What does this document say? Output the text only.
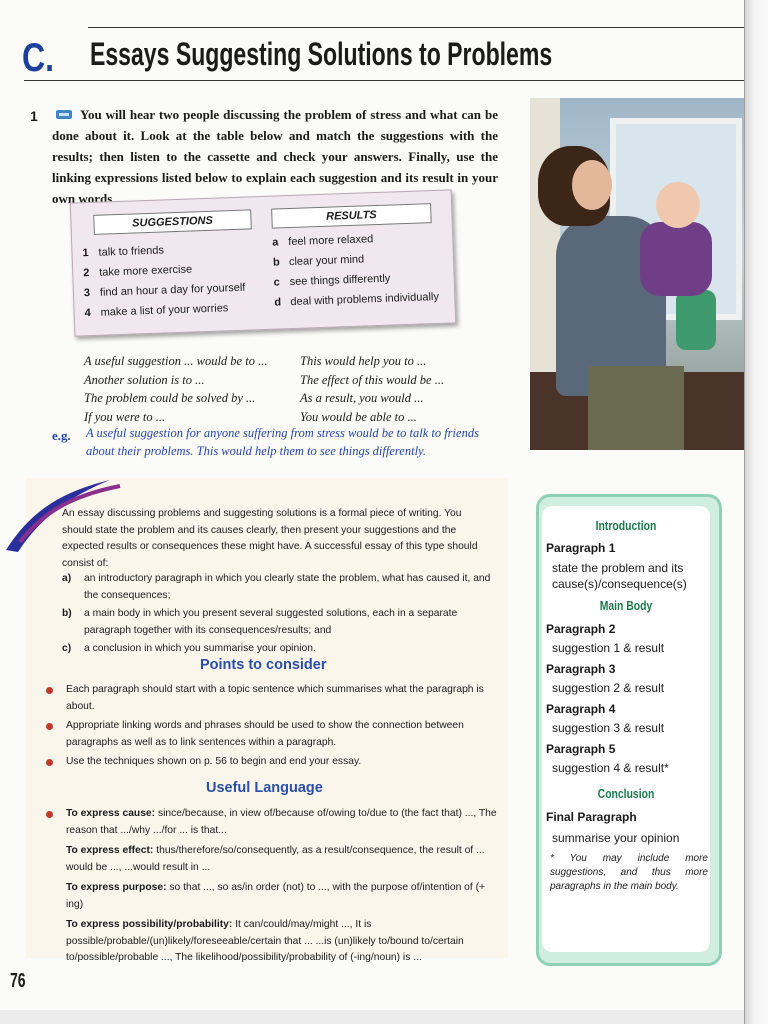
C. Essays Suggesting Solutions to Problems
1	You will hear two people discussing the problem of stress and what can be done about it. Look at the table below and match the suggestions with the results; then listen to the cassette and check your answers. Finally, use the linking expressions listed below to explain each suggestion and its result in your own words.

SUGGESTIONS	RESULTS
1 talk to friends
2 take more exercise
3 find an hour a day for yourself
4 make a list of your worries
a feel more relaxed
b clear your mind
c see things differently
d deal with problems individually
A useful suggestion ... would be to ...
Another solution is to ...
The problem could be solved by ...
If you were to ...
This would help you to ...
The effect of this would be ...
As a result, you would ...
You would be able to ...
e.g. A useful suggestion for anyone suffering from stress would be to talk to friends about their problems. This would help them to see things differently.

An essay discussing problems and suggesting solutions is a formal piece of writing. You should state the problem and its causes clearly, then present your suggestions and the expected results or consequences these might have. A successful essay of this type should consist of:

a) an introductory paragraph in which you clearly state the problem, what has caused it, and the consequences;
b) a main body in which you present several suggested solutions, each in a separate paragraph together with its consequences/results; and
c) a conclusion in which you summarise your opinion.
Points to consider
Each paragraph should start with a topic sentence which summarises what the paragraph is about.
Appropriate linking words and phrases should be used to show the connection between paragraphs as well as to link sentences within a paragraph.
Use the techniques shown on p. 56 to begin and end your essay.
Useful Language
To express cause: since/because, in view of/because of/owing to/due to (the fact that) ..., The reason that .../why .../for ... is that...
To express effect: thus/therefore/so/consequently, as a result/consequence, the result of ... would be ..., ...would result in ...
To express purpose: so that ..., so as/in order (not) to ..., with the purpose of/intention of (+ ing)
To express possibility/probability: It can/could/may/might ..., It is possible/probable/(un)likely/foreseeable/certain that ... ...is (un)likely to/bound to/certain to/possible/probable ..., The likelihood/possibility/probability of (-ing/noun) is ...
Introduction
Paragraph 1

state the problem and its cause(s)/consequence(s)

Main Body
Paragraph 2

suggestion 1 & result

Paragraph 3

suggestion 2 & result

Paragraph 4

suggestion 3 & result

Paragraph 5

suggestion 4 & result*

Conclusion
Final Paragraph

summarise your opinion

* You may include more suggestions, and thus more paragraphs in the main body.

76
